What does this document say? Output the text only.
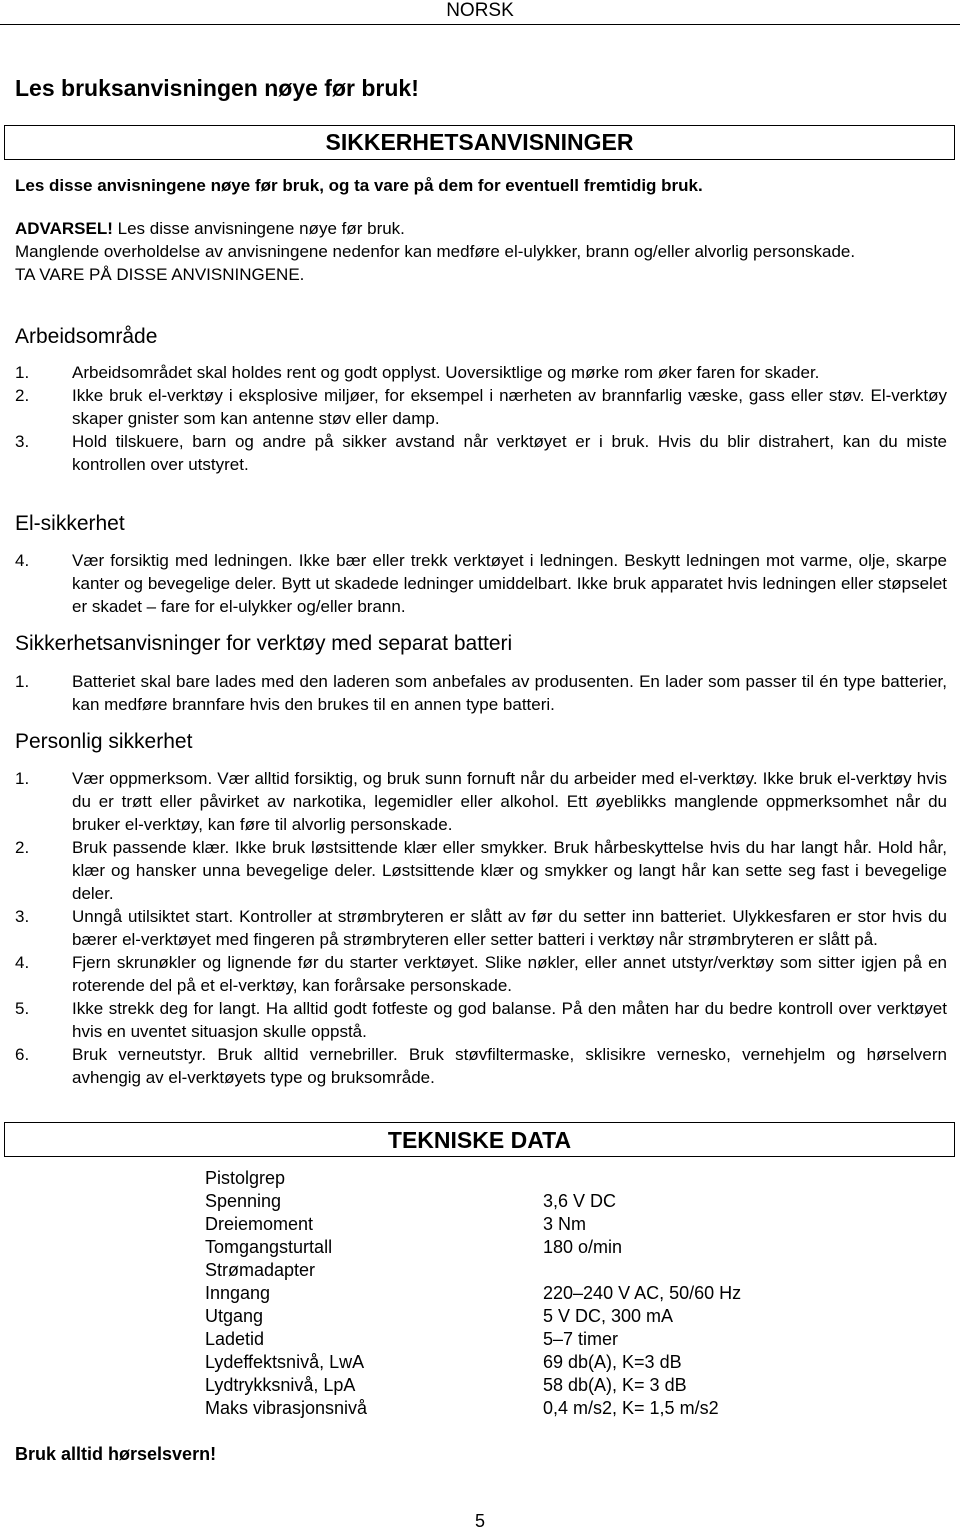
NORSK
Les bruksanvisningen nøye før bruk!
SIKKERHETSANVISNINGER
Les disse anvisningene nøye før bruk, og ta vare på dem for eventuell fremtidig bruk.
ADVARSEL! Les disse anvisningene nøye før bruk.
Manglende overholdelse av anvisningene nedenfor kan medføre el-ulykker, brann og/eller alvorlig personskade.
TA VARE PÅ DISSE ANVISNINGENE.
Arbeidsområde
1.	Arbeidsområdet skal holdes rent og godt opplyst. Uoversiktlige og mørke rom øker faren for skader.
2.	Ikke bruk el-verktøy i eksplosive miljøer, for eksempel i nærheten av brannfarlig væske, gass eller støv. El-verktøy skaper gnister som kan antenne støv eller damp.
3.	Hold tilskuere, barn og andre på sikker avstand når verktøyet er i bruk. Hvis du blir distrahert, kan du miste kontrollen over utstyret.
El-sikkerhet
4.	Vær forsiktig med ledningen. Ikke bær eller trekk verktøyet i ledningen. Beskytt ledningen mot varme, olje, skarpe kanter og bevegelige deler. Bytt ut skadede ledninger umiddelbart. Ikke bruk apparatet hvis ledningen eller støpselet er skadet – fare for el-ulykker og/eller brann.
Sikkerhetsanvisninger for verktøy med separat batteri
1.	Batteriet skal bare lades med den laderen som anbefales av produsenten. En lader som passer til én type batterier, kan medføre brannfare hvis den brukes til en annen type batteri.
Personlig sikkerhet
1.	Vær oppmerksom. Vær alltid forsiktig, og bruk sunn fornuft når du arbeider med el-verktøy. Ikke bruk el-verktøy hvis du er trøtt eller påvirket av narkotika, legemidler eller alkohol. Ett øyeblikks manglende oppmerksomhet når du bruker el-verktøy, kan føre til alvorlig personskade.
2.	Bruk passende klær. Ikke bruk løstsittende klær eller smykker. Bruk hårbeskyttelse hvis du har langt hår. Hold hår, klær og hansker unna bevegelige deler. Løstsittende klær og smykker og langt hår kan sette seg fast i bevegelige deler.
3.	Unngå utilsiktet start. Kontroller at strømbryteren er slått av før du setter inn batteriet. Ulykkesfaren er stor hvis du bærer el-verktøyet med fingeren på strømbryteren eller setter batteri i verktøy når strømbryteren er slått på.
4.	Fjern skrunøkler og lignende før du starter verktøyet. Slike nøkler, eller annet utstyr/verktøy som sitter igjen på en roterende del på et el-verktøy, kan forårsake personskade.
5.	Ikke strekk deg for langt. Ha alltid godt fotfeste og god balanse. På den måten har du bedre kontroll over verktøyet hvis en uventet situasjon skulle oppstå.
6.	Bruk verneutstyr. Bruk alltid vernebriller. Bruk støvfiltermaske, sklisikre vernesko, vernehjelm og hørselvern avhengig av el-verktøyets type og bruksområde.
TEKNISKE DATA
Pistolgrep
Spenning	3,6 V DC
Dreiemoment	3 Nm
Tomgangsturtall	180 o/min
Strømadapter
Inngang	220–240 V AC, 50/60 Hz
Utgang	5 V DC, 300 mA
Ladetid	5–7 timer
Lydeffektsnivå, LwA	69 db(A), K=3 dB
Lydtrykksnivå, LpA	58 db(A), K= 3 dB
Maks vibrasjonsnivå	0,4 m/s2, K= 1,5 m/s2
Bruk alltid hørselsvern!
5
